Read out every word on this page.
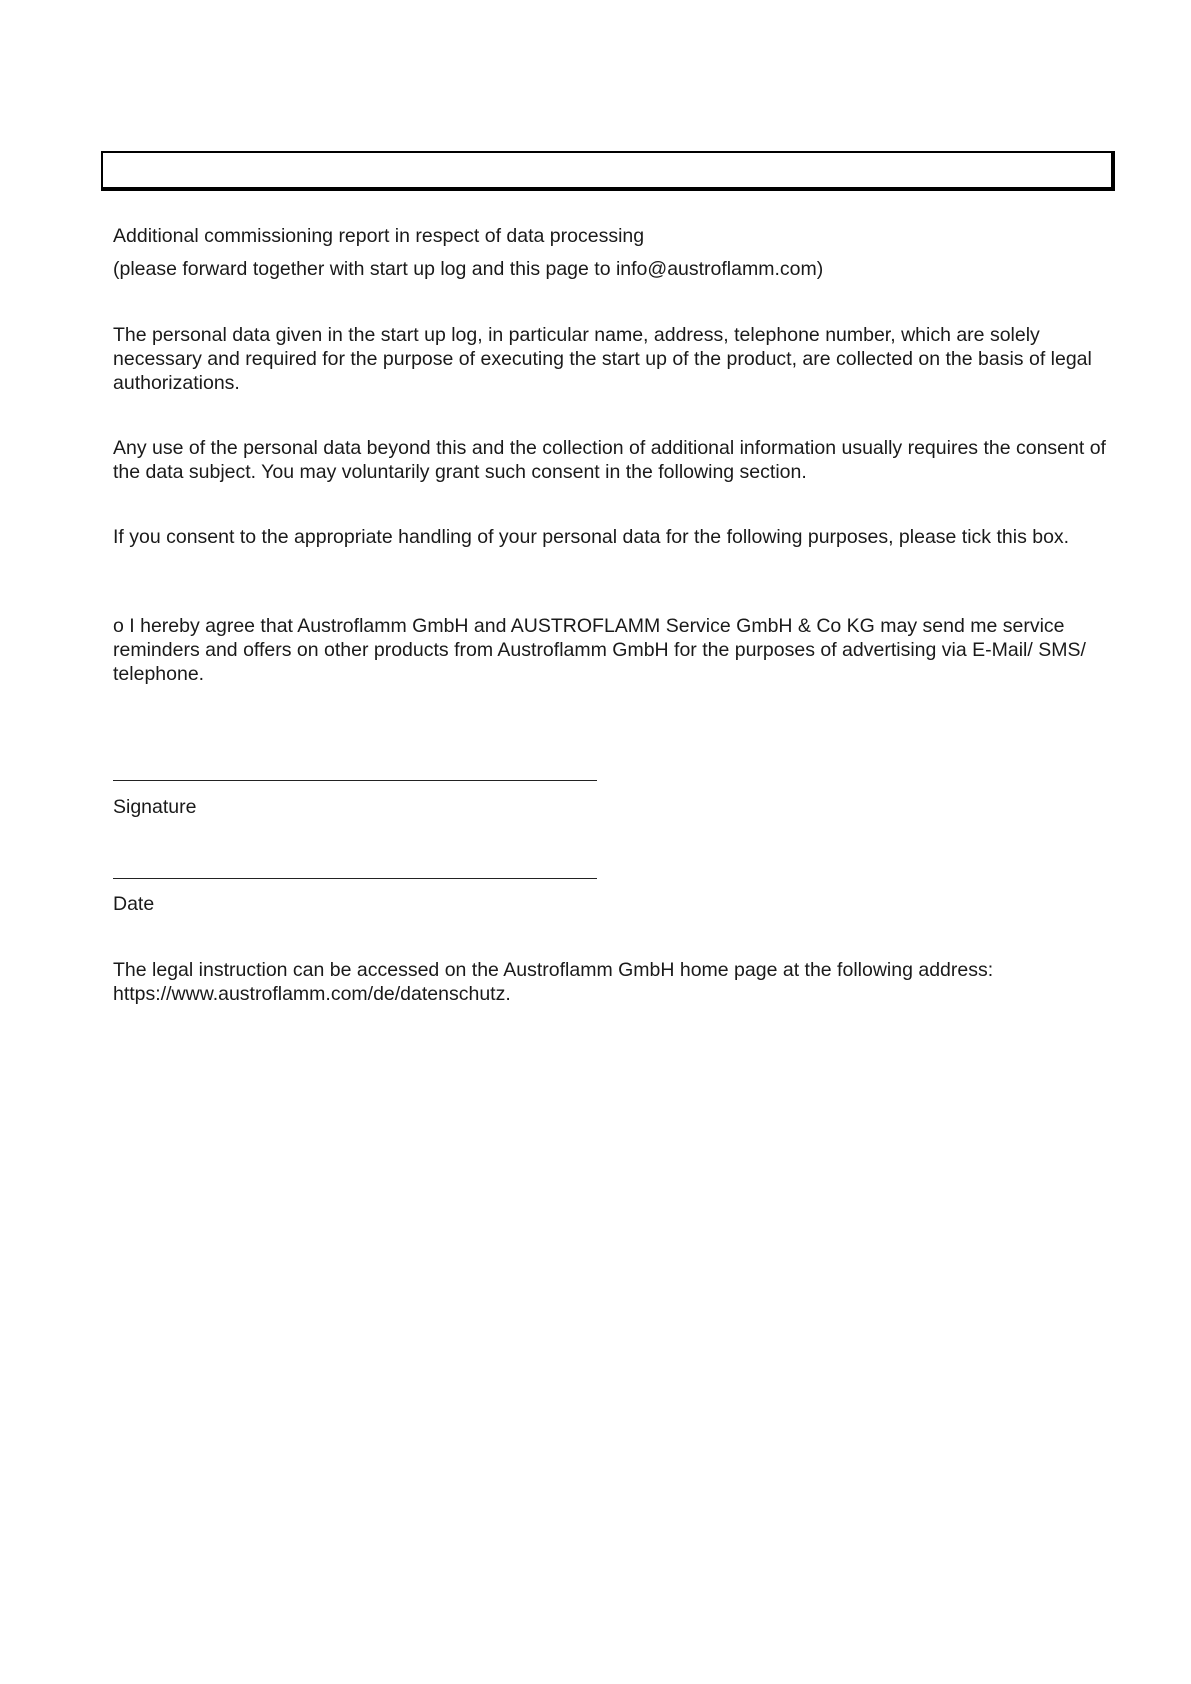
Additional commissioning report in respect of data processing

(please forward together with start up log and this page to info@austroflamm.com)

The personal data given in the start up log, in particular name, address, telephone number, which are solely necessary and required for the purpose of executing the start up of the product, are collected on the basis of legal authorizations.

Any use of the personal data beyond this and the collection of additional information usually requires the consent of the data subject. You may voluntarily grant such consent in the following section.

If you consent to the appropriate handling of your personal data for the following purposes, please tick this box.

o I hereby agree that Austroflamm GmbH and AUSTROFLAMM Service GmbH & Co KG may send me service reminders and offers on other products from Austroflamm GmbH for the purposes of advertising via E-Mail/ SMS/ telephone.

Signature

Date

The legal instruction can be accessed on the Austroflamm GmbH home page at the following address: https://www.austroflamm.com/de/datenschutz.
